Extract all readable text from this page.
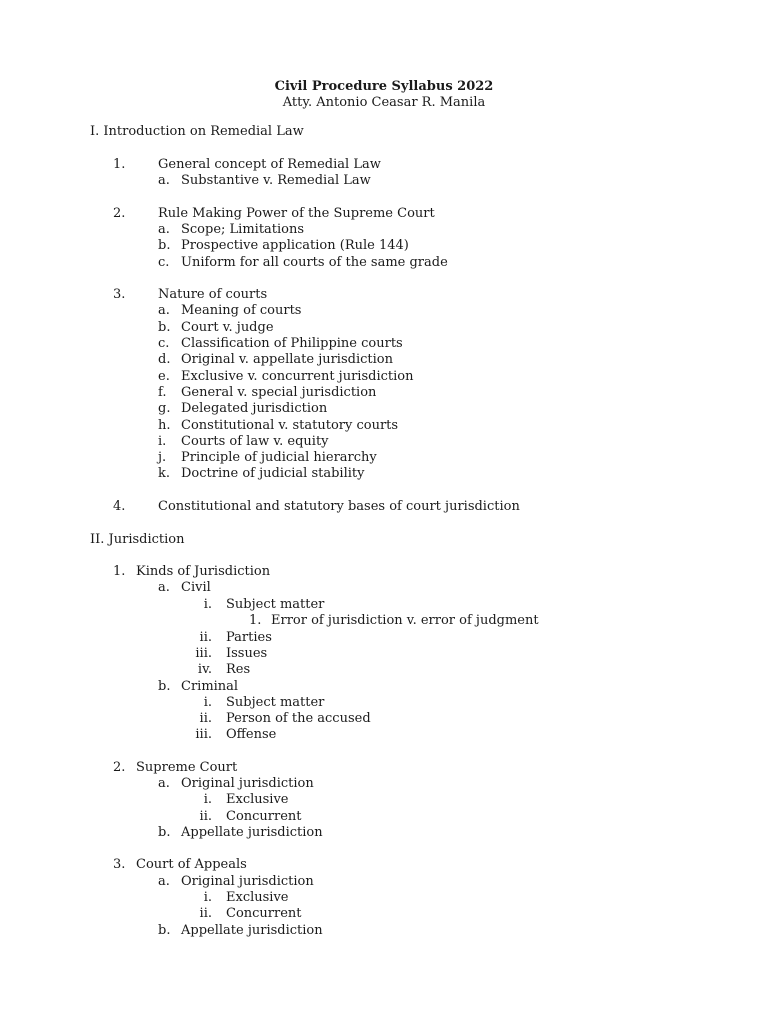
Civil Procedure Syllabus 2022
Atty. Antonio Ceasar R. Manila
I. Introduction on Remedial Law
1.	General concept of Remedial Law
a. Substantive v. Remedial Law
2.	Rule Making Power of the Supreme Court
a. Scope; Limitations
b. Prospective application (Rule 144)
c. Uniform for all courts of the same grade
3.	Nature of courts
a. Meaning of courts
b. Court v. judge
c. Classification of Philippine courts
d. Original v. appellate jurisdiction
e. Exclusive v. concurrent jurisdiction
f. General v. special jurisdiction
g. Delegated jurisdiction
h. Constitutional v. statutory courts
i. Courts of law v. equity
j. Principle of judicial hierarchy
k. Doctrine of judicial stability
4.	Constitutional and statutory bases of court jurisdiction
II. Jurisdiction
1. Kinds of Jurisdiction
a. Civil
i. Subject matter
1. Error of jurisdiction v. error of judgment
ii. Parties
iii. Issues
iv. Res
b. Criminal
i. Subject matter
ii. Person of the accused
iii. Offense
2. Supreme Court
a. Original jurisdiction
i. Exclusive
ii. Concurrent
b. Appellate jurisdiction
3. Court of Appeals
a. Original jurisdiction
i. Exclusive
ii. Concurrent
b. Appellate jurisdiction
